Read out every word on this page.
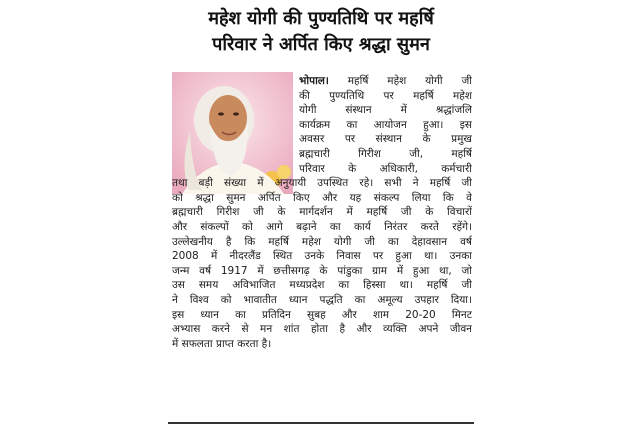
महेश योगी की पुण्यतिथि पर महर्षि
परिवार ने अर्पित किए श्रद्धा सुमन
भोपाल। महर्षि महेश योगी जी
की पुण्यतिथि पर महर्षि महेश
योगी संस्थान में श्रद्धांजलि
कार्यक्रम का आयोजन हुआ। इस
अवसर पर संस्थान के प्रमुख
ब्रह्मचारी गिरीश जी, महर्षि
परिवार के अधिकारी, कर्मचारी
तथा बड़ी संख्या में अनुयायी उपस्थित रहे। सभी ने महर्षि जी
को श्रद्धा सुमन अर्पित किए और यह संकल्प लिया कि वे
ब्रह्मचारी गिरीश जी के मार्गदर्शन में महर्षि जी के विचारों
और संकल्पों को आगे बढ़ाने का कार्य निरंतर करते रहेंगे।
उल्लेखनीय है कि महर्षि महेश योगी जी का देहावसान वर्ष
2008 में नीदरलैंड स्थित उनके निवास पर हुआ था। उनका
जन्म वर्ष 1917 में छत्तीसगढ़ के पांडुका ग्राम में हुआ था, जो
उस समय अविभाजित मध्यप्रदेश का हिस्सा था। महर्षि जी
ने विश्व को भावातीत ध्यान पद्धति का अमूल्य उपहार दिया।
इस ध्यान का प्रतिदिन सुबह और शाम 20-20 मिनट
अभ्यास करने से मन शांत होता है और व्यक्ति अपने जीवन
में सफलता प्राप्त करता है।
